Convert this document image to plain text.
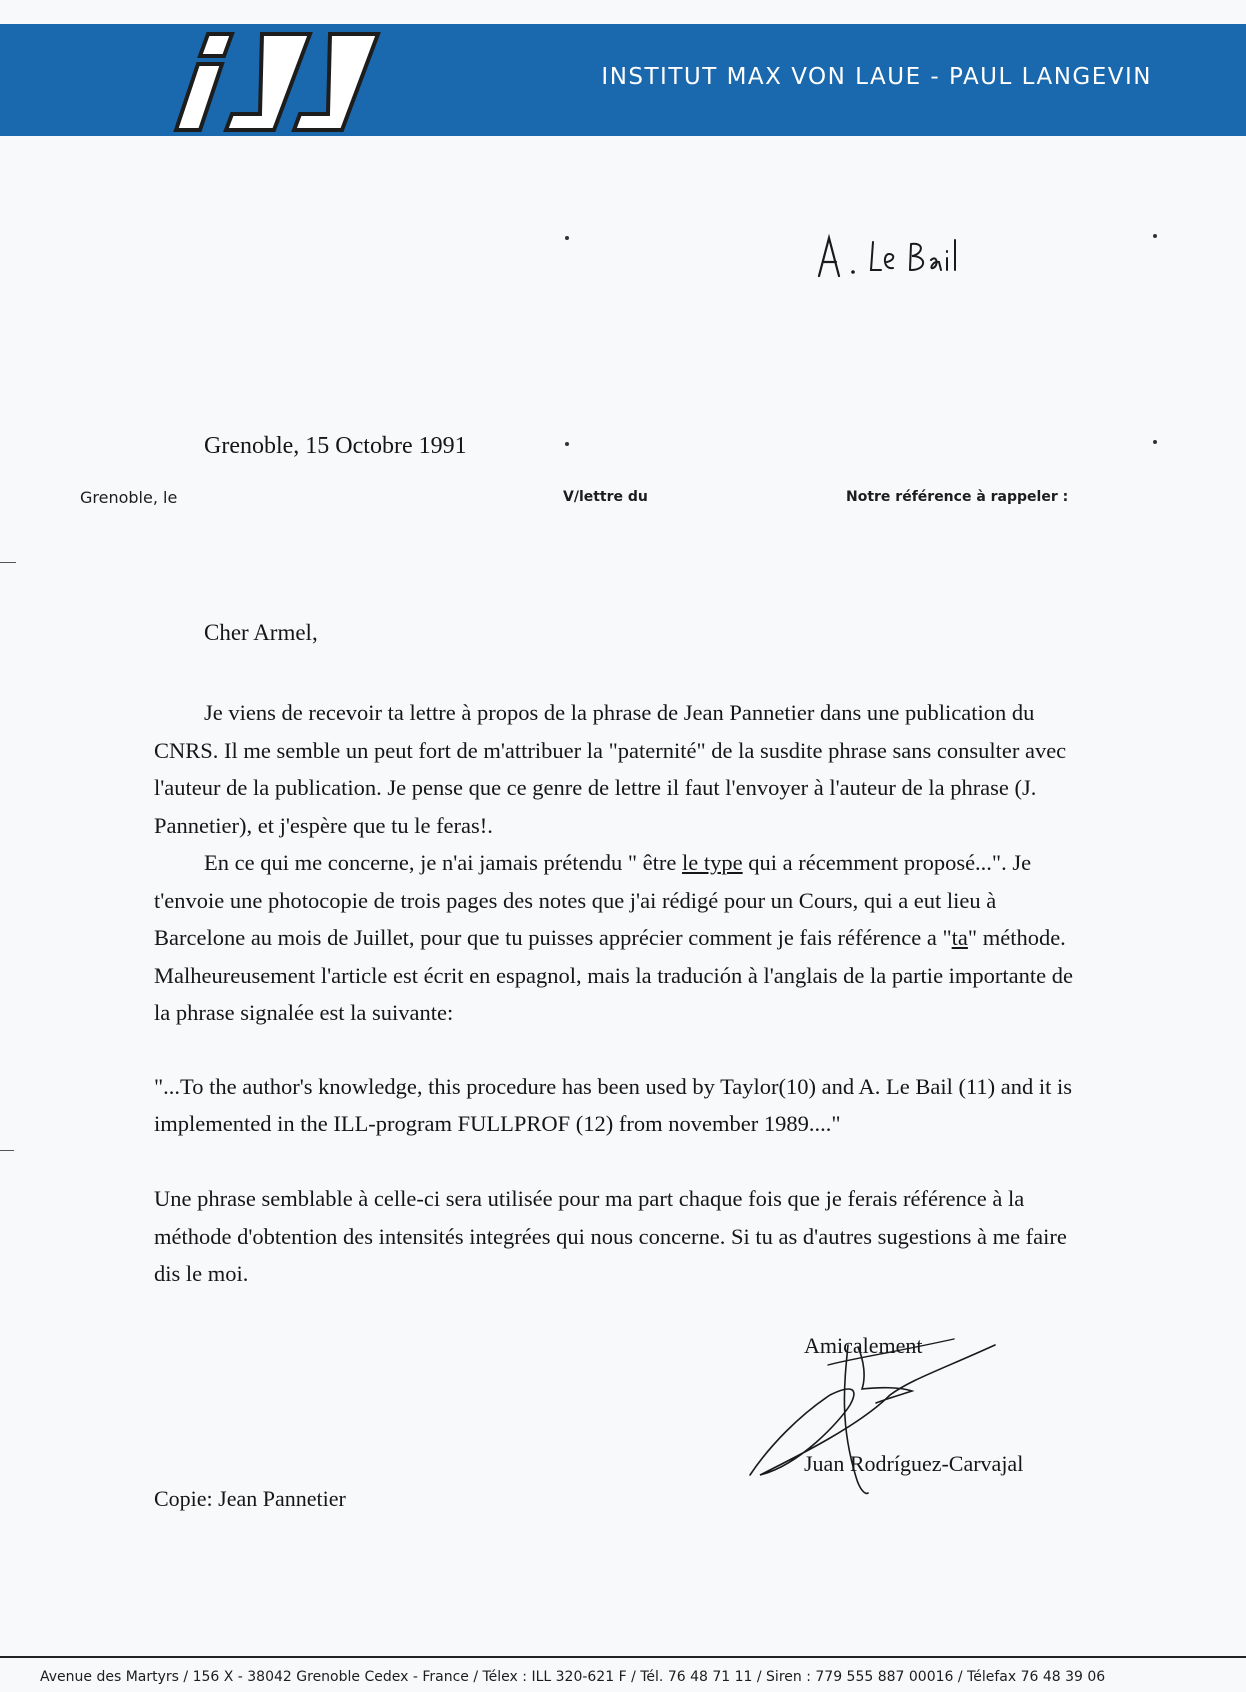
INSTITUT MAX VON LAUE - PAUL LANGEVIN
Grenoble, 15 Octobre 1991
Grenoble, le	V/lettre du	Notre référence à rappeler :
Cher Armel,

Je viens de recevoir ta lettre à propos de la phrase de Jean Pannetier dans une publication du CNRS. Il me semble un peut fort de m'attribuer la "paternité" de la susdite phrase sans consulter avec l'auteur de la publication. Je pense que ce genre de lettre il faut l'envoyer à l'auteur de la phrase (J. Pannetier), et j'espère que tu le feras!.

En ce qui me concerne, je n'ai jamais prétendu " être le type qui a récemment proposé...". Je t'envoie une photocopie de trois pages des notes que j'ai rédigé pour un Cours, qui a eut lieu à Barcelone au mois de Juillet, pour que tu puisses apprécier comment je fais référence a "ta" méthode. Malheureusement l'article est écrit en espagnol, mais la tradución à l'anglais de la partie importante de la phrase signalée est la suivante:

"...To the author's knowledge, this procedure has been used by Taylor(10) and A. Le Bail (11) and it is implemented in the ILL-program FULLPROF (12) from november 1989...."

Une phrase semblable à celle-ci sera utilisée pour ma part chaque fois que je ferais référence à la méthode d'obtention des intensités integrées qui nous concerne. Si tu as d'autres sugestions à me faire dis le moi.

Amicalement
Juan Rodríguez-Carvajal
Copie: Jean Pannetier
Avenue des Martyrs / 156 X - 38042 Grenoble Cedex - France / Télex : ILL 320-621 F / Tél. 76 48 71 11 / Siren : 779 555 887 00016 / Télefax 76 48 39 06
